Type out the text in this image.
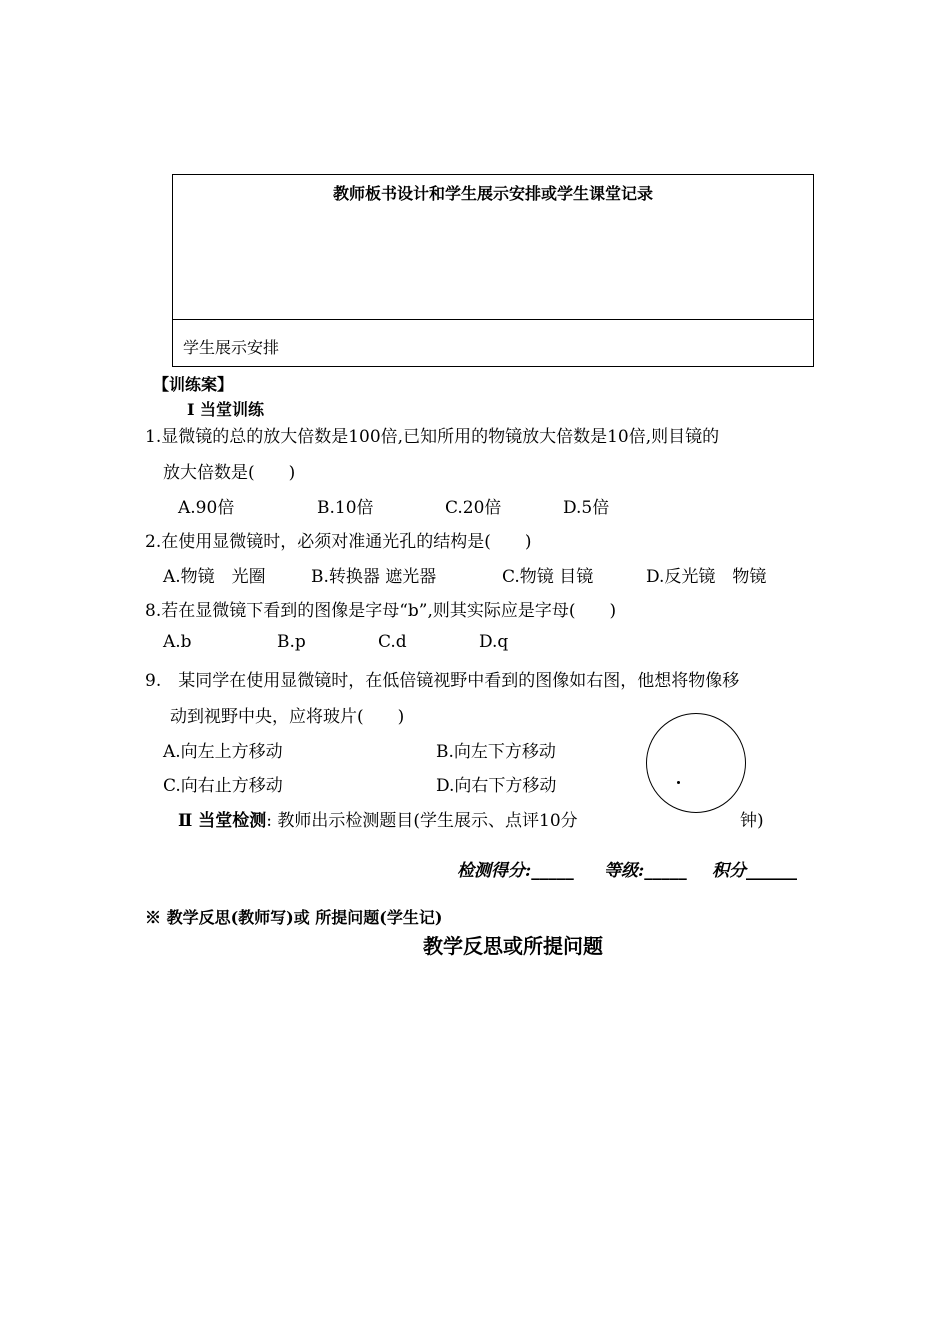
教师板书设计和学生展示安排或学生课堂记录
学生展示安排
【训练案】
Ⅰ 当堂训练
1.显微镜的总的放大倍数是100倍,已知所用的物镜放大倍数是10倍,则目镜的
放大倍数是(　　)
A.90倍	B.10倍	C.20倍	D.5倍
2.在使用显微镜时，必须对准通光孔的结构是(　　)
A.物镜　光圈	B.转换器 遮光器	C.物镜 目镜	D.反光镜　物镜
8.若在显微镜下看到的图像是字母“b”,则其实际应是字母(　　)
A.b	B.p	C.d	D.q
9.　某同学在使用显微镜时，在低倍镜视野中看到的图像如右图，他想将物像移
动到视野中央，应将玻片(　　)
A.向左上方移动	B.向左下方移动
C.向右止方移动	D.向右下方移动
Ⅱ 当堂检测: 教师出示检测题目(学生展示、点评10分	钟)
检测得分:_____ 等级:_____ 积分______
※ 教学反思(教师写)或 所提问题(学生记)
教学反思或所提问题
